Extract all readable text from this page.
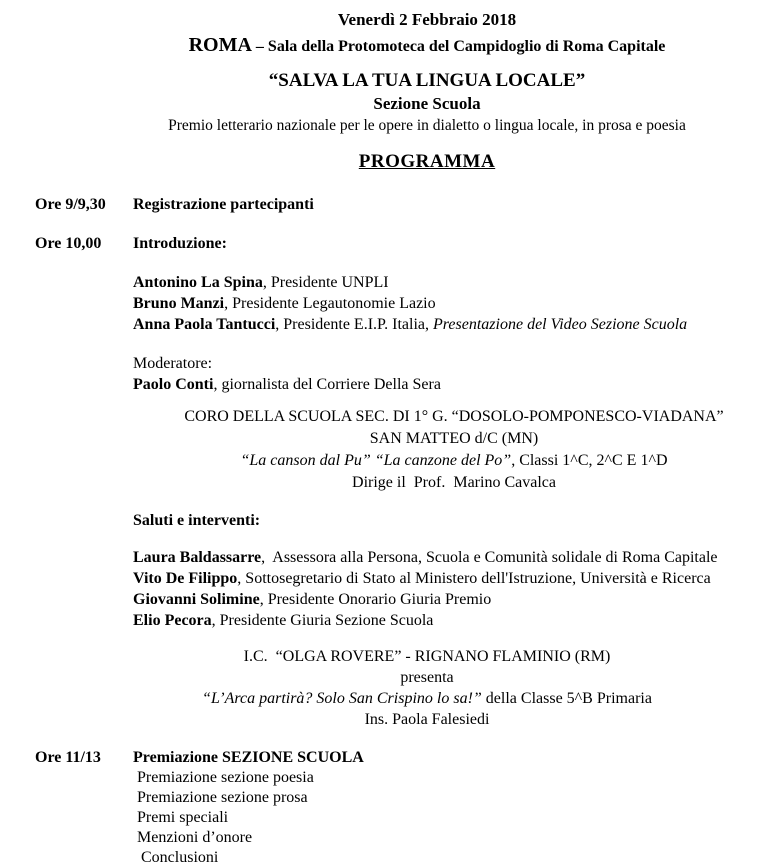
Venerdì 2 Febbraio 2018
ROMA – Sala della Protomoteca del Campidoglio di Roma Capitale
“SALVA LA TUA LINGUA LOCALE”
Sezione Scuola
Premio letterario nazionale per le opere in dialetto o lingua locale, in prosa e poesia
PROGRAMMA
Ore 9/9,30	Registrazione partecipanti
Ore 10,00	Introduzione:
Antonino La Spina, Presidente UNPLI
Bruno Manzi, Presidente Legautonomie Lazio
Anna Paola Tantucci, Presidente E.I.P. Italia, Presentazione del Video Sezione Scuola
Moderatore:
Paolo Conti, giornalista del Corriere Della Sera
CORO DELLA SCUOLA SEC. DI 1° G. “DOSOLO-POMPONESCO-VIADANA”
SAN MATTEO d/C (MN)
“La canson dal Pu” “La canzone del Po”, Classi 1^C, 2^C E 1^D
Dirige il  Prof.  Marino Cavalca
Saluti e interventi:
Laura Baldassarre,  Assessora alla Persona, Scuola e Comunità solidale di Roma Capitale
Vito De Filippo, Sottosegretario di Stato al Ministero dell'Istruzione, Università e Ricerca
Giovanni Solimine, Presidente Onorario Giuria Premio
Elio Pecora, Presidente Giuria Sezione Scuola
I.C.  “OLGA ROVERE” - RIGNANO FLAMINIO (RM)
presenta
“L’Arca partirà? Solo San Crispino lo sa!” della Classe 5^B Primaria
Ins. Paola Falesiedi
Ore 11/13	Premiazione SEZIONE SCUOLA
Premiazione sezione poesia
Premiazione sezione prosa
Premi speciali
Menzioni d’onore
Conclusioni
